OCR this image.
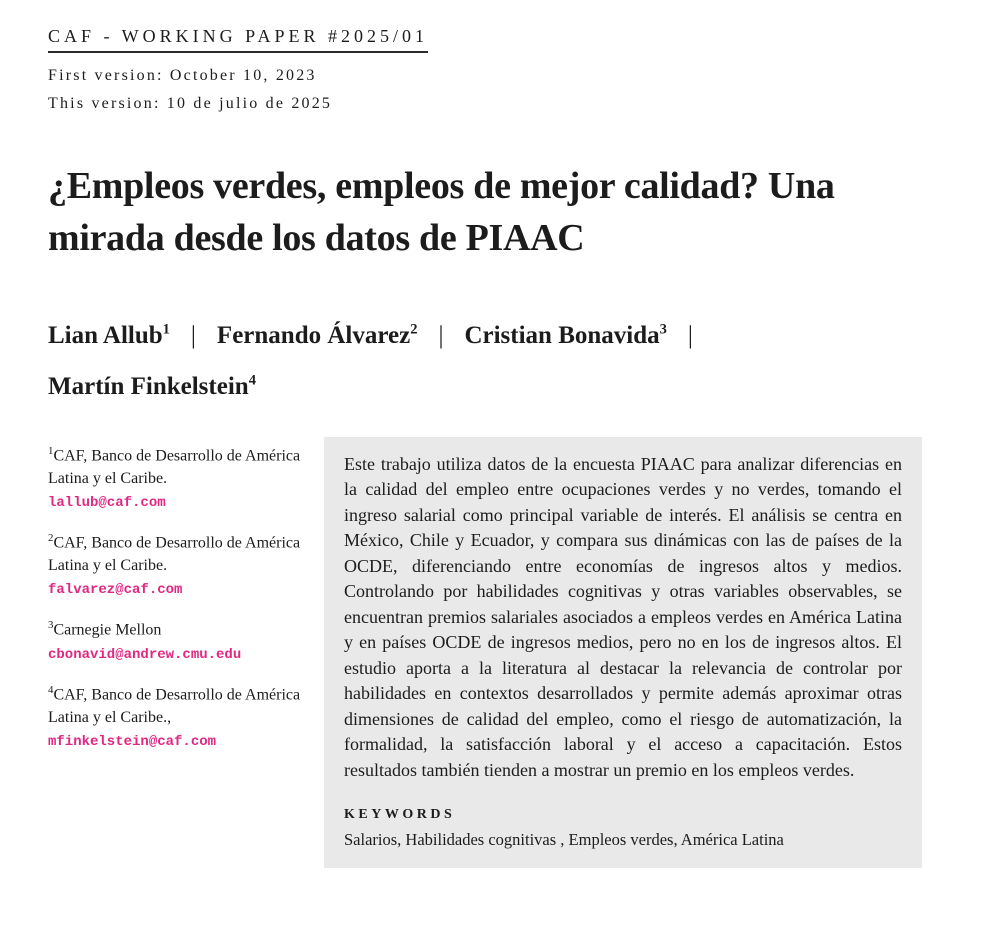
CAF - WORKING PAPER #2025/01
First version: October 10, 2023
This version: 10 de julio de 2025
¿Empleos verdes, empleos de mejor calidad? Una mirada desde los datos de PIAAC
Lian Allub$^1$ | Fernando Álvarez$^2$ | Cristian Bonavida$^3$ |
Martín Finkelstein$^4$

$^1$CAF, Banco de Desarrollo de América Latina y el Caribe.
lallub@caf.com

$^2$CAF, Banco de Desarrollo de América Latina y el Caribe.
falvarez@caf.com

$^3$Carnegie Mellon
cbonavid@andrew.cmu.edu

$^4$CAF, Banco de Desarrollo de América Latina y el Caribe.,
mfinkelstein@caf.com

Este trabajo utiliza datos de la encuesta PIAAC para analizar diferencias en la calidad del empleo entre ocupaciones verdes y no verdes, tomando el ingreso salarial como principal variable de interés. El análisis se centra en México, Chile y Ecuador, y compara sus dinámicas con las de países de la OCDE, diferenciando entre economías de ingresos altos y medios. Controlando por habilidades cognitivas y otras variables observables, se encuentran premios salariales asociados a empleos verdes en América Latina y en países OCDE de ingresos medios, pero no en los de ingresos altos. El estudio aporta a la literatura al destacar la relevancia de controlar por habilidades en contextos desarrollados y permite además aproximar otras dimensiones de calidad del empleo, como el riesgo de automatización, la formalidad, la satisfacción laboral y el acceso a capacitación. Estos resultados también tienden a mostrar un premio en los empleos verdes.

KEYWORDS
Salarios, Habilidades cognitivas , Empleos verdes, América Latina
